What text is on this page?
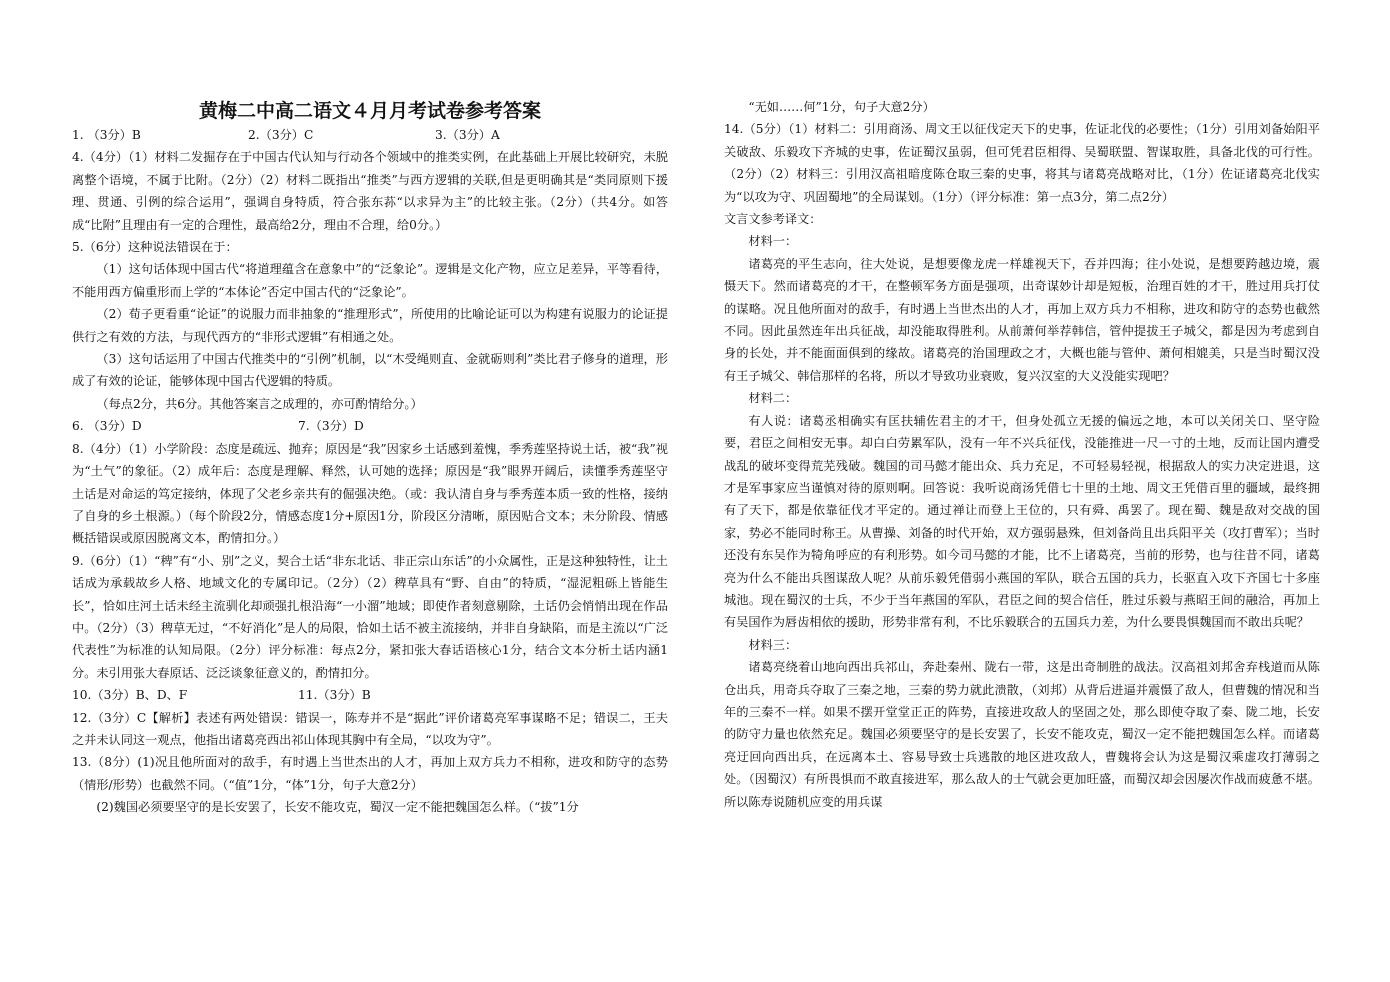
黄梅二中高二语文４月月考试卷参考答案
1. （3分）B	2.（3分）C	3.（3分）A
4.（4分）（1）材料二发掘存在于中国古代认知与行动各个领域中的推类实例，在此基础上开展比较研究，未脱离整个语境，不属于比附。（2分）（2）材料二既指出“推类”与西方逻辑的关联,但是更明确其是“类同原则下援理、贯通、引例的综合运用”，强调自身特质，符合张东荪“以求异为主”的比较主张。（2分）（共4分。如答成“比附”且理由有一定的合理性，最高给2分，理由不合理，给0分。）
5.（6分）这种说法错误在于：
（1）这句话体现中国古代“将道理蕴含在意象中”的“泛象论”。逻辑是文化产物，应立足差异，平等看待，不能用西方偏重形而上学的“本体论”否定中国古代的“泛象论”。
（2）荀子更看重“论证”的说服力而非抽象的“推理形式”，所使用的比喻论证可以为构建有说服力的论证提供行之有效的方法，与现代西方的“非形式逻辑”有相通之处。
（3）这句话运用了中国古代推类中的“引例”机制，以“木受绳则直、金就砺则利”类比君子修身的道理，形成了有效的论证，能够体现中国古代逻辑的特质。
（每点2分，共6分。其他答案言之成理的，亦可酌情给分。）
6. （3分）D	7.（3分）D
8.（4分）（1）小学阶段：态度是疏远、抛弃；原因是“我”因家乡土话感到羞愧，季秀莲坚持说土话，被“我”视为“土气”的象征。（2）成年后：态度是理解、释然，认可她的选择；原因是“我”眼界开阔后，读懂季秀莲坚守土话是对命运的笃定接纳，体现了父老乡亲共有的倔强决绝。（或：我认清自身与季秀莲本质一致的性格，接纳了自身的乡土根源。）（每个阶段2分，情感态度1分+原因1分，阶段区分清晰，原因贴合文本；未分阶段、情感概括错误或原因脱离文本，酌情扣分。）
9.（6分）（1）“稗”有“小、别”之义，契合土话“非东北话、非正宗山东话”的小众属性，正是这种独特性，让土话成为承载故乡人格、地域文化的专属印记。（2分）（2）稗草具有“野、自由”的特质，“湿泥粗砾上皆能生长”，恰如庄河土话未经主流驯化却顽强扎根沿海“一小溜”地域；即使作者刻意剔除，土话仍会悄悄出现在作品中。（2分）（3）稗草无过，“不好消化”是人的局限，恰如土话不被主流接纳，并非自身缺陷，而是主流以“广泛代表性”为标准的认知局限。（2分）评分标准：每点2分，紧扣张大春话语核心1分，结合文本分析土话内涵1分。未引用张大春原话、泛泛谈象征意义的，酌情扣分。
10.（3分）B、D、F	11.（3分）B
12.（3分）C【解析】表述有两处错误：错误一，陈寿并不是“据此”评价诸葛亮军事谋略不足；错误二，王夫之并未认同这一观点，他指出诸葛亮西出祁山体现其胸中有全局，“以攻为守”。
13.（8分）(1)况且他所面对的敌手，有时遇上当世杰出的人才，再加上双方兵力不相称，进攻和防守的态势（情形/形势）也截然不同。（“值”1分，“体”1分，句子大意2分）
(2)魏国必须要坚守的是长安罢了，长安不能攻克，蜀汉一定不能把魏国怎么样。（“拔”1分
“无如……何”1分，句子大意2分）
14.（5分）（1）材料二：引用商汤、周文王以征伐定天下的史事，佐证北伐的必要性；（1分）引用刘备始阳平关破敌、乐毅攻下齐城的史事，佐证蜀汉虽弱，但可凭君臣相得、吴蜀联盟、智谋取胜，具备北伐的可行性。（2分）（2）材料三：引用汉高祖暗度陈仓取三秦的史事，将其与诸葛亮战略对比，（1分）佐证诸葛亮北伐实为“以攻为守、巩固蜀地”的全局谋划。（1分）（评分标准：第一点3分，第二点2分）
文言文参考译文：
材料一：
诸葛亮的平生志向，往大处说，是想要像龙虎一样雄视天下，吞并四海；往小处说，是想要跨越边境，震慑天下。然而诸葛亮的才干，在整顿军务方面是强项，出奇谋妙计却是短板，治理百姓的才干，胜过用兵打仗的谋略。况且他所面对的敌手，有时遇上当世杰出的人才，再加上双方兵力不相称，进攻和防守的态势也截然不同。因此虽然连年出兵征战，却没能取得胜利。从前萧何举荐韩信，管仲提拔王子城父，都是因为考虑到自身的长处，并不能面面俱到的缘故。诸葛亮的治国理政之才，大概也能与管仲、萧何相媲美，只是当时蜀汉没有王子城父、韩信那样的名将，所以才导致功业衰败，复兴汉室的大义没能实现吧？
材料二：
有人说：诸葛丞相确实有匡扶辅佐君主的才干，但身处孤立无援的偏远之地，本可以关闭关口、坚守险要，君臣之间相安无事。却白白劳累军队，没有一年不兴兵征伐，没能推进一尺一寸的土地，反而让国内遭受战乱的破坏变得荒芜残破。魏国的司马懿才能出众、兵力充足，不可轻易轻视，根据敌人的实力决定进退，这才是军事家应当谨慎对待的原则啊。回答说：我听说商汤凭借七十里的土地、周文王凭借百里的疆域，最终拥有了天下，都是依靠征伐才平定的。通过禅让而登上王位的，只有舜、禹罢了。现在蜀、魏是敌对交战的国家，势必不能同时称王。从曹操、刘备的时代开始，双方强弱悬殊，但刘备尚且出兵阳平关（攻打曹军）；当时还没有东吴作为犄角呼应的有利形势。如今司马懿的才能，比不上诸葛亮，当前的形势，也与往昔不同，诸葛亮为什么不能出兵图谋敌人呢？从前乐毅凭借弱小燕国的军队，联合五国的兵力，长驱直入攻下齐国七十多座城池。现在蜀汉的士兵，不少于当年燕国的军队，君臣之间的契合信任，胜过乐毅与燕昭王间的融洽，再加上有吴国作为唇齿相依的援助，形势非常有利，不比乐毅联合的五国兵力差，为什么要畏惧魏国而不敢出兵呢？
材料三：
诸葛亮绕着山地向西出兵祁山，奔赴秦州、陇右一带，这是出奇制胜的战法。汉高祖刘邦舍弃栈道而从陈仓出兵，用奇兵夺取了三秦之地，三秦的势力就此溃散，（刘邦）从背后进逼并震慑了敌人，但曹魏的情况和当年的三秦不一样。如果不摆开堂堂正正的阵势，直接进攻敌人的坚固之处，那么即使夺取了秦、陇二地，长安的防守力量也依然充足。魏国必须要坚守的是长安罢了，长安不能攻克，蜀汉一定不能把魏国怎么样。而诸葛亮迂回向西出兵，在远离本土、容易导致士兵逃散的地区进攻敌人，曹魏将会认为这是蜀汉乘虚攻打薄弱之处。（因蜀汉）有所畏惧而不敢直接进军，那么敌人的士气就会更加旺盛，而蜀汉却会因屡次作战而疲惫不堪。所以陈寿说随机应变的用兵谋
